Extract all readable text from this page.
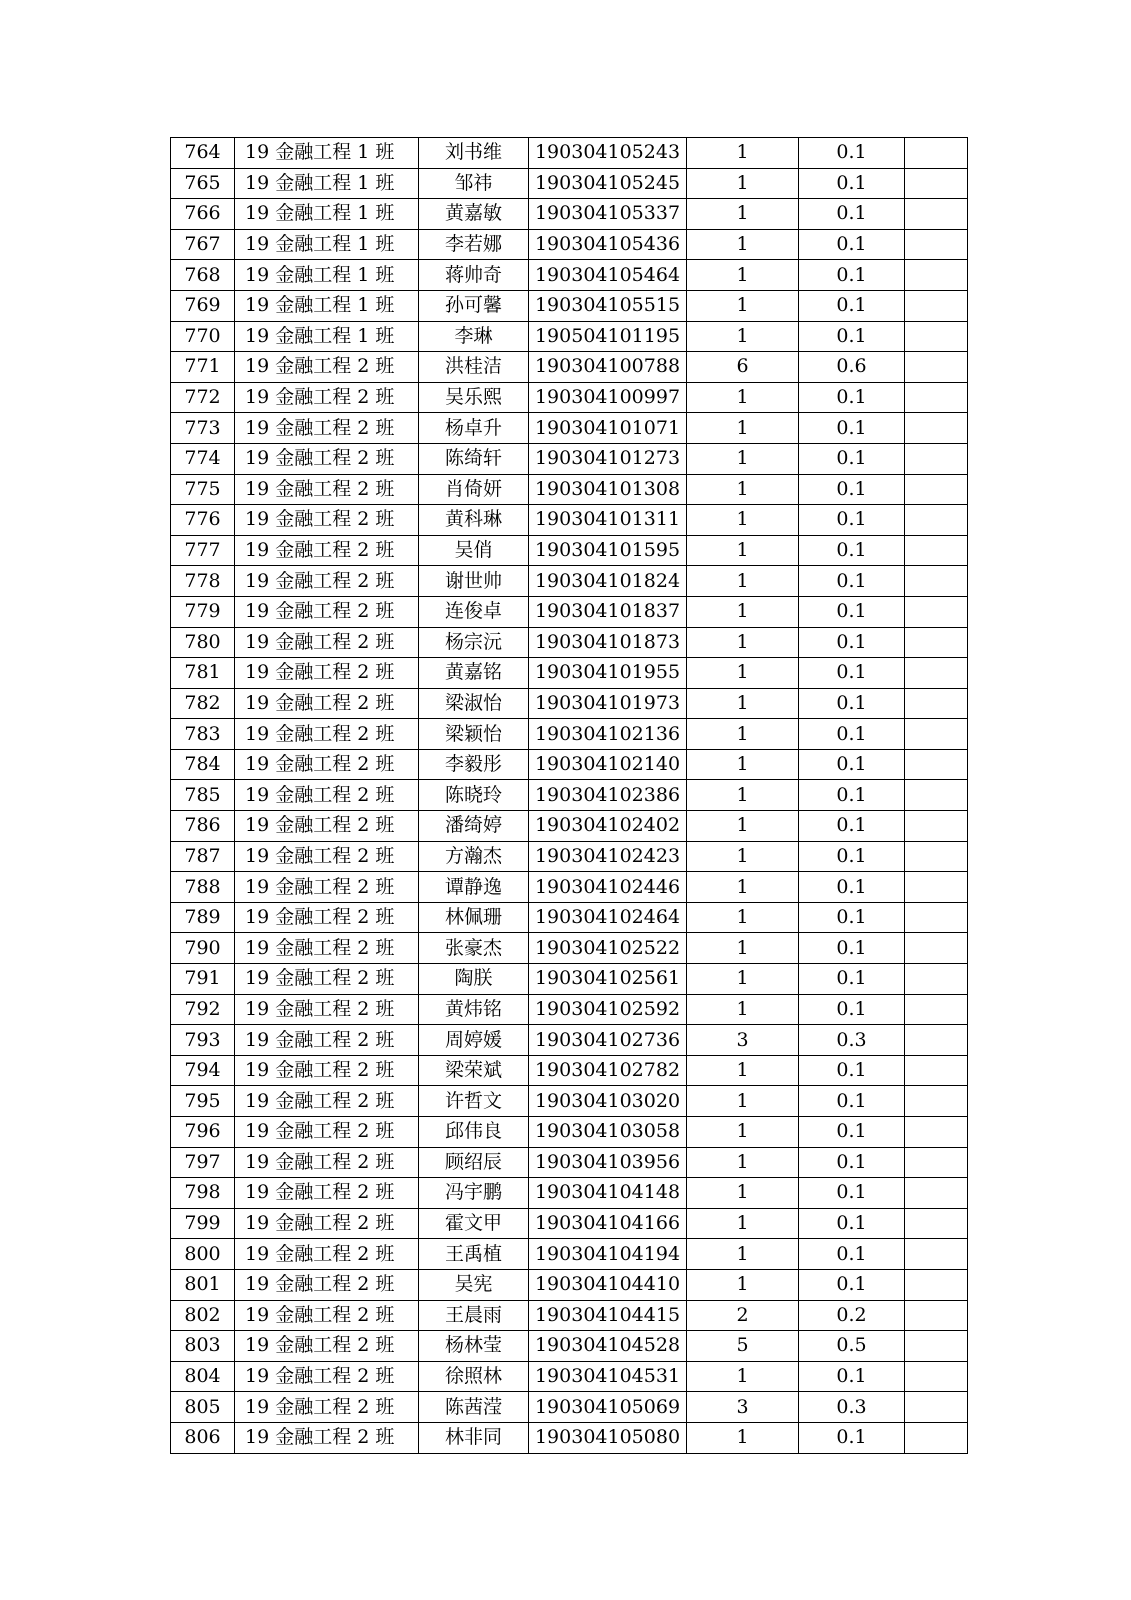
764	19 金融工程 1 班	刘书维	190304105243	1	0.1	
765	19 金融工程 1 班	邹祎	190304105245	1	0.1	
766	19 金融工程 1 班	黄嘉敏	190304105337	1	0.1	
767	19 金融工程 1 班	李若娜	190304105436	1	0.1	
768	19 金融工程 1 班	蒋帅奇	190304105464	1	0.1	
769	19 金融工程 1 班	孙可馨	190304105515	1	0.1	
770	19 金融工程 1 班	李琳	190504101195	1	0.1	
771	19 金融工程 2 班	洪桂洁	190304100788	6	0.6	
772	19 金融工程 2 班	吴乐熙	190304100997	1	0.1	
773	19 金融工程 2 班	杨卓升	190304101071	1	0.1	
774	19 金融工程 2 班	陈绮轩	190304101273	1	0.1	
775	19 金融工程 2 班	肖倚妍	190304101308	1	0.1	
776	19 金融工程 2 班	黄科琳	190304101311	1	0.1	
777	19 金融工程 2 班	吴俏	190304101595	1	0.1	
778	19 金融工程 2 班	谢世帅	190304101824	1	0.1	
779	19 金融工程 2 班	连俊卓	190304101837	1	0.1	
780	19 金融工程 2 班	杨宗沅	190304101873	1	0.1	
781	19 金融工程 2 班	黄嘉铭	190304101955	1	0.1	
782	19 金融工程 2 班	梁淑怡	190304101973	1	0.1	
783	19 金融工程 2 班	梁颖怡	190304102136	1	0.1	
784	19 金融工程 2 班	李毅彤	190304102140	1	0.1	
785	19 金融工程 2 班	陈晓玲	190304102386	1	0.1	
786	19 金融工程 2 班	潘绮婷	190304102402	1	0.1	
787	19 金融工程 2 班	方瀚杰	190304102423	1	0.1	
788	19 金融工程 2 班	谭静逸	190304102446	1	0.1	
789	19 金融工程 2 班	林佩珊	190304102464	1	0.1	
790	19 金融工程 2 班	张豪杰	190304102522	1	0.1	
791	19 金融工程 2 班	陶朕	190304102561	1	0.1	
792	19 金融工程 2 班	黄炜铭	190304102592	1	0.1	
793	19 金融工程 2 班	周婷媛	190304102736	3	0.3	
794	19 金融工程 2 班	梁荣斌	190304102782	1	0.1	
795	19 金融工程 2 班	许哲文	190304103020	1	0.1	
796	19 金融工程 2 班	邱伟良	190304103058	1	0.1	
797	19 金融工程 2 班	顾绍辰	190304103956	1	0.1	
798	19 金融工程 2 班	冯宇鹏	190304104148	1	0.1	
799	19 金融工程 2 班	霍文甲	190304104166	1	0.1	
800	19 金融工程 2 班	王禹植	190304104194	1	0.1	
801	19 金融工程 2 班	吴宪	190304104410	1	0.1	
802	19 金融工程 2 班	王晨雨	190304104415	2	0.2	
803	19 金融工程 2 班	杨林莹	190304104528	5	0.5	
804	19 金融工程 2 班	徐照林	190304104531	1	0.1	
805	19 金融工程 2 班	陈茜滢	190304105069	3	0.3	
806	19 金融工程 2 班	林非同	190304105080	1	0.1	
